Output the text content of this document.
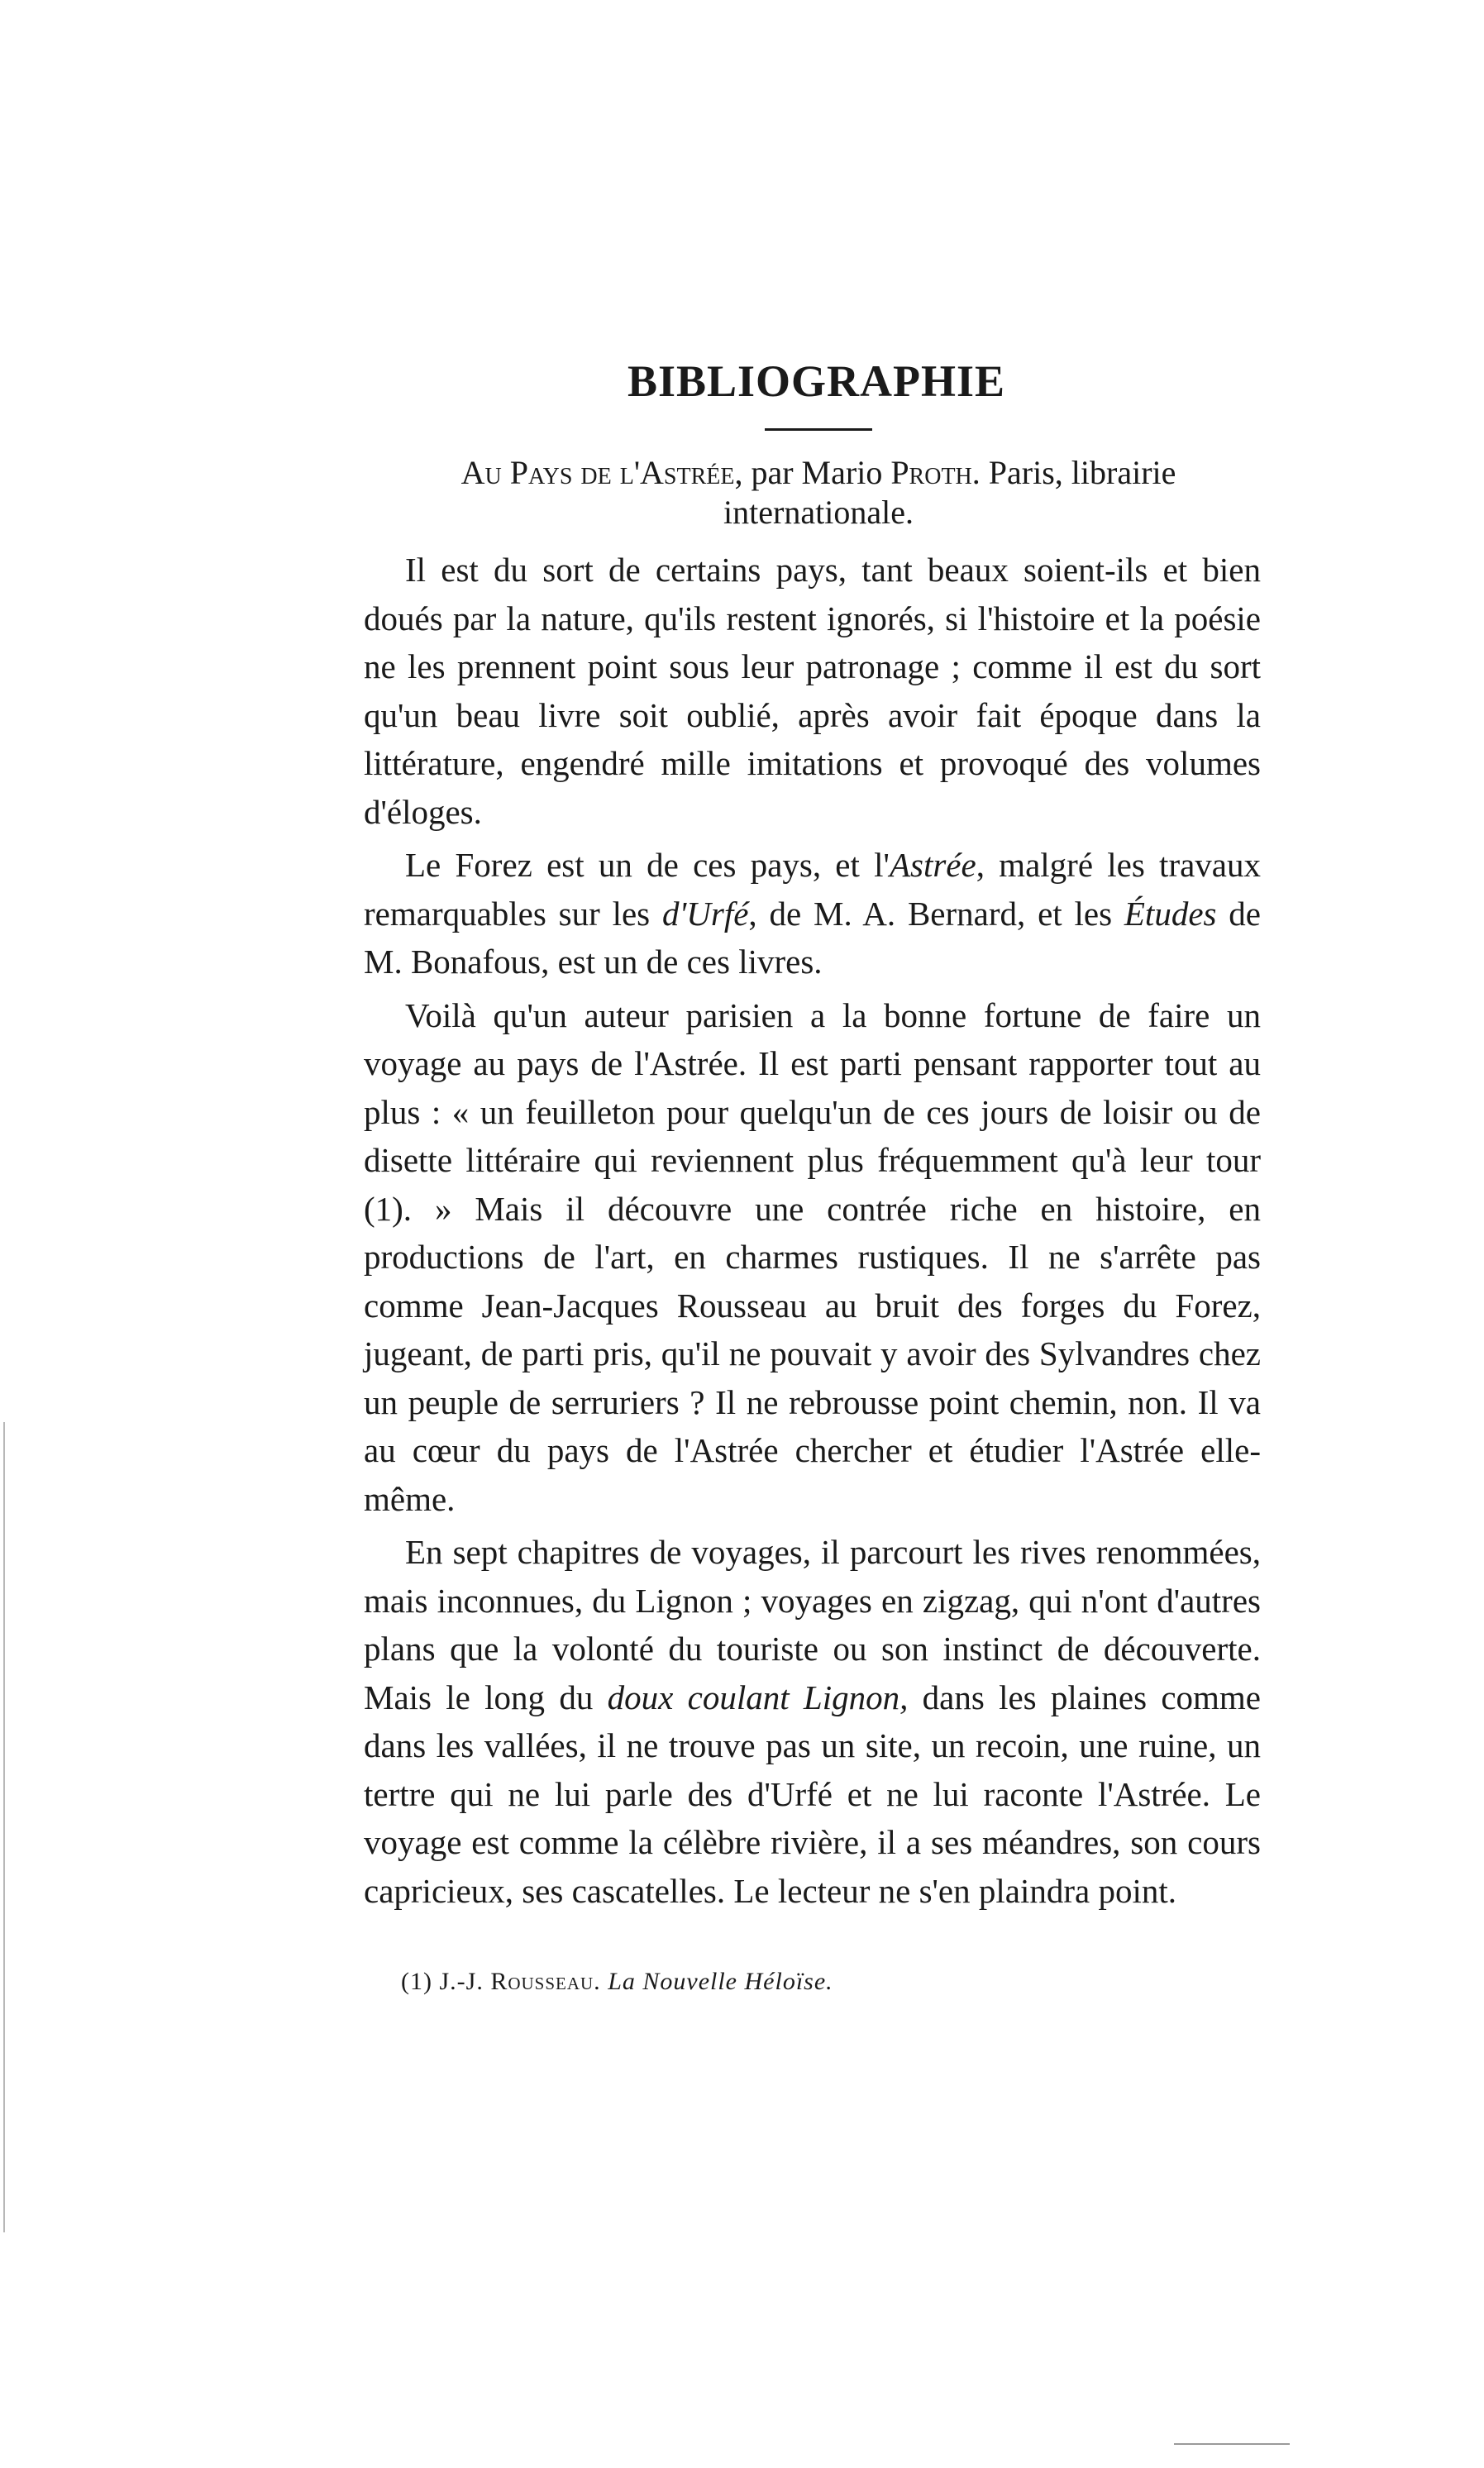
BIBLIOGRAPHIE
Au Pays de l'Astrée, par Mario Proth. Paris, librairie internationale.

Il est du sort de certains pays, tant beaux soient-ils et bien doués par la nature, qu'ils restent ignorés, si l'histoire et la poésie ne les prennent point sous leur patronage ; comme il est du sort qu'un beau livre soit oublié, après avoir fait époque dans la littérature, engendré mille imitations et provoqué des volumes d'éloges.

Le Forez est un de ces pays, et l'Astrée, malgré les travaux remarquables sur les d'Urfé, de M. A. Bernard, et les Études de M. Bonafous, est un de ces livres.

Voilà qu'un auteur parisien a la bonne fortune de faire un voyage au pays de l'Astrée. Il est parti pensant rapporter tout au plus : « un feuilleton pour quelqu'un de ces jours de loisir ou de disette littéraire qui reviennent plus fréquemment qu'à leur tour (1). » Mais il découvre une contrée riche en histoire, en productions de l'art, en charmes rustiques. Il ne s'arrête pas comme Jean-Jacques Rousseau au bruit des forges du Forez, jugeant, de parti pris, qu'il ne pouvait y avoir des Sylvandres chez un peuple de serruriers ? Il ne rebrousse point chemin, non. Il va au cœur du pays de l'Astrée chercher et étudier l'Astrée elle-même.

En sept chapitres de voyages, il parcourt les rives renommées, mais inconnues, du Lignon ; voyages en zigzag, qui n'ont d'autres plans que la volonté du touriste ou son instinct de découverte. Mais le long du doux coulant Lignon, dans les plaines comme dans les vallées, il ne trouve pas un site, un recoin, une ruine, un tertre qui ne lui parle des d'Urfé et ne lui raconte l'Astrée. Le voyage est comme la célèbre rivière, il a ses méandres, son cours capricieux, ses cascatelles. Le lecteur ne s'en plaindra point.

(1) J.-J. Rousseau. La Nouvelle Héloïse.
